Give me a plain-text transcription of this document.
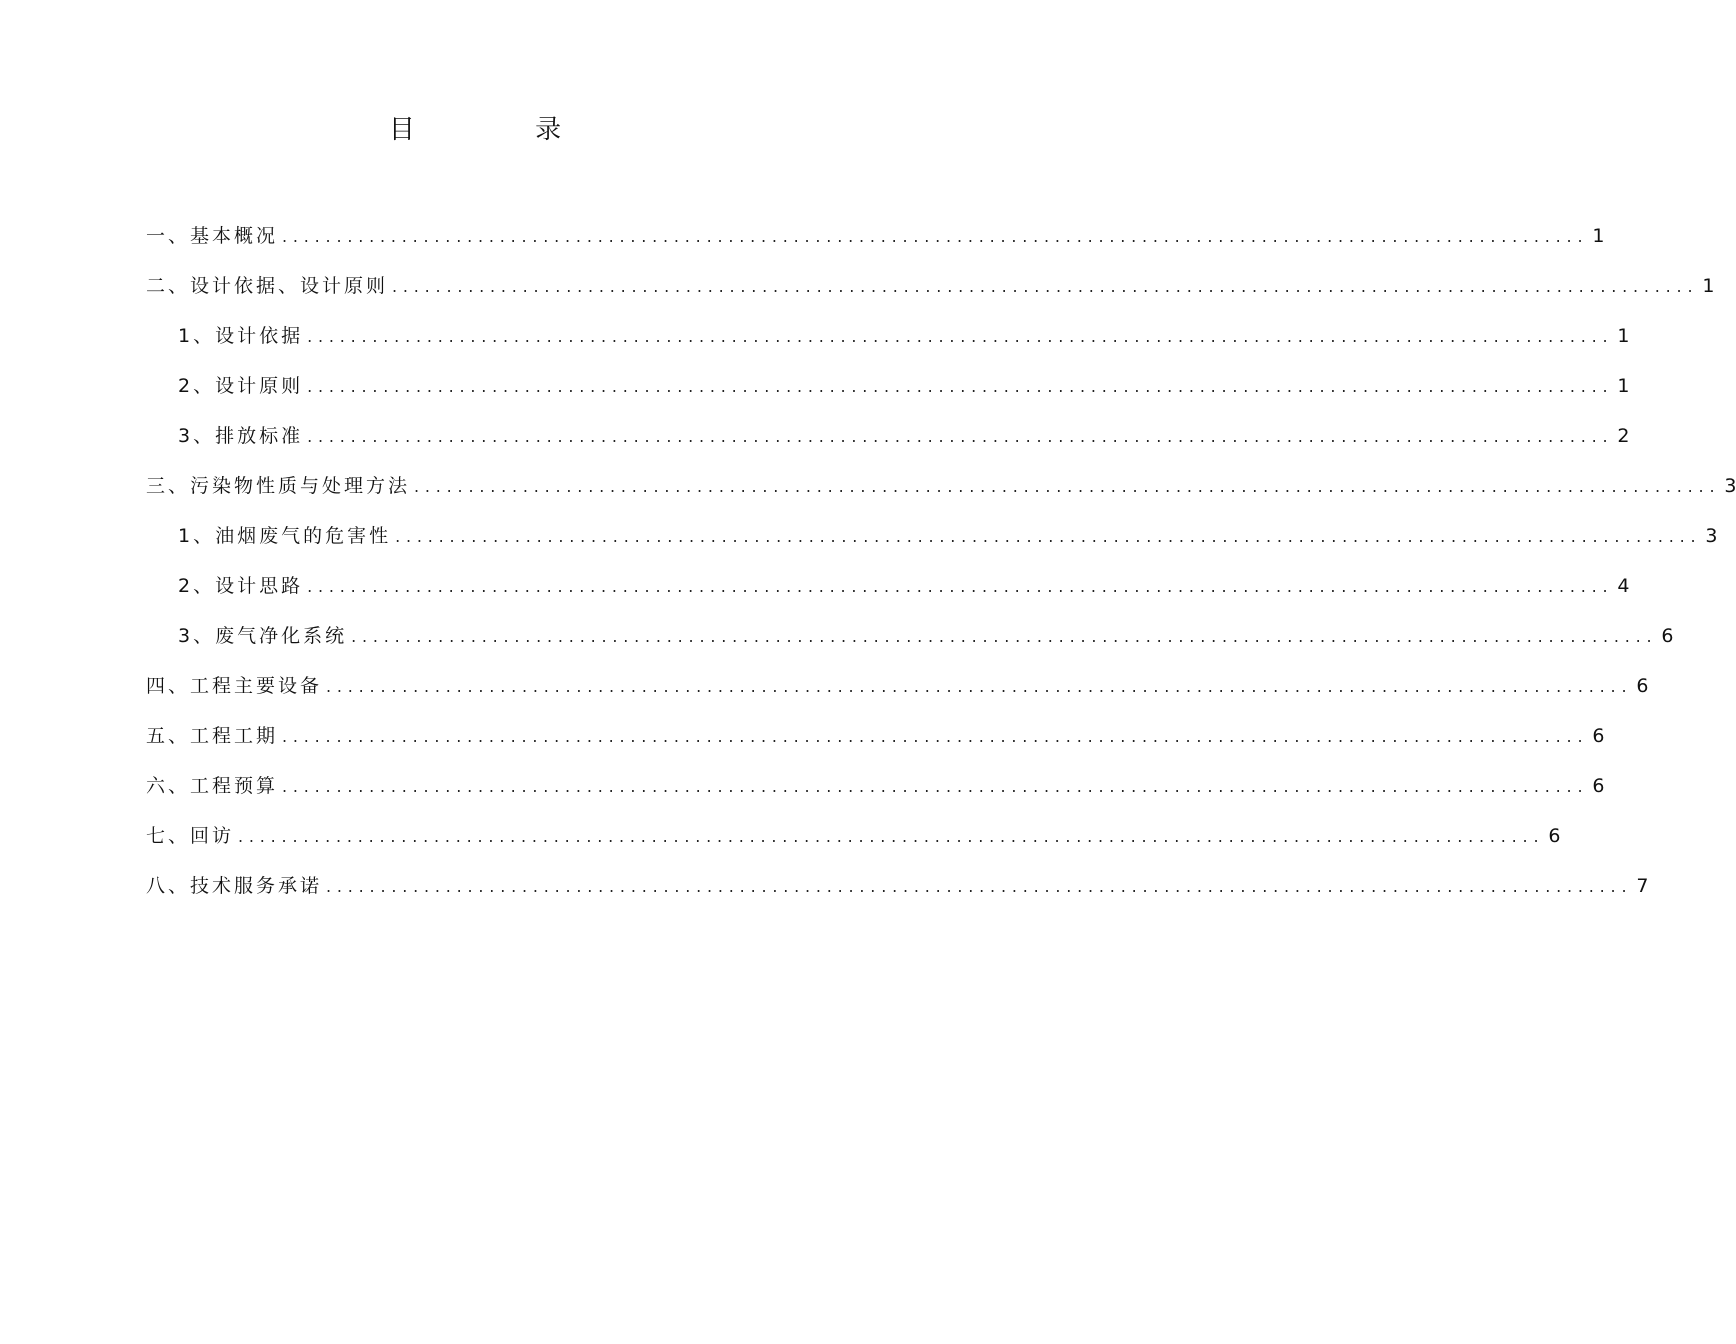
目 录
一、基本概况 ........................................................................................................................ 1
二、设计依据、设计原则 ........................................................................................................................ 1
1、设计依据 ........................................................................................................................ 1
2、设计原则 ........................................................................................................................ 1
3、排放标准 ........................................................................................................................ 2
三、污染物性质与处理方法 ........................................................................................................................ 3
1、油烟废气的危害性 ........................................................................................................................ 3
2、设计思路 ........................................................................................................................ 4
3、废气净化系统 ........................................................................................................................ 6
四、工程主要设备 ........................................................................................................................ 6
五、工程工期 ........................................................................................................................ 6
六、工程预算 ........................................................................................................................ 6
七、回访 ........................................................................................................................ 6
八、技术服务承诺 ........................................................................................................................ 7
